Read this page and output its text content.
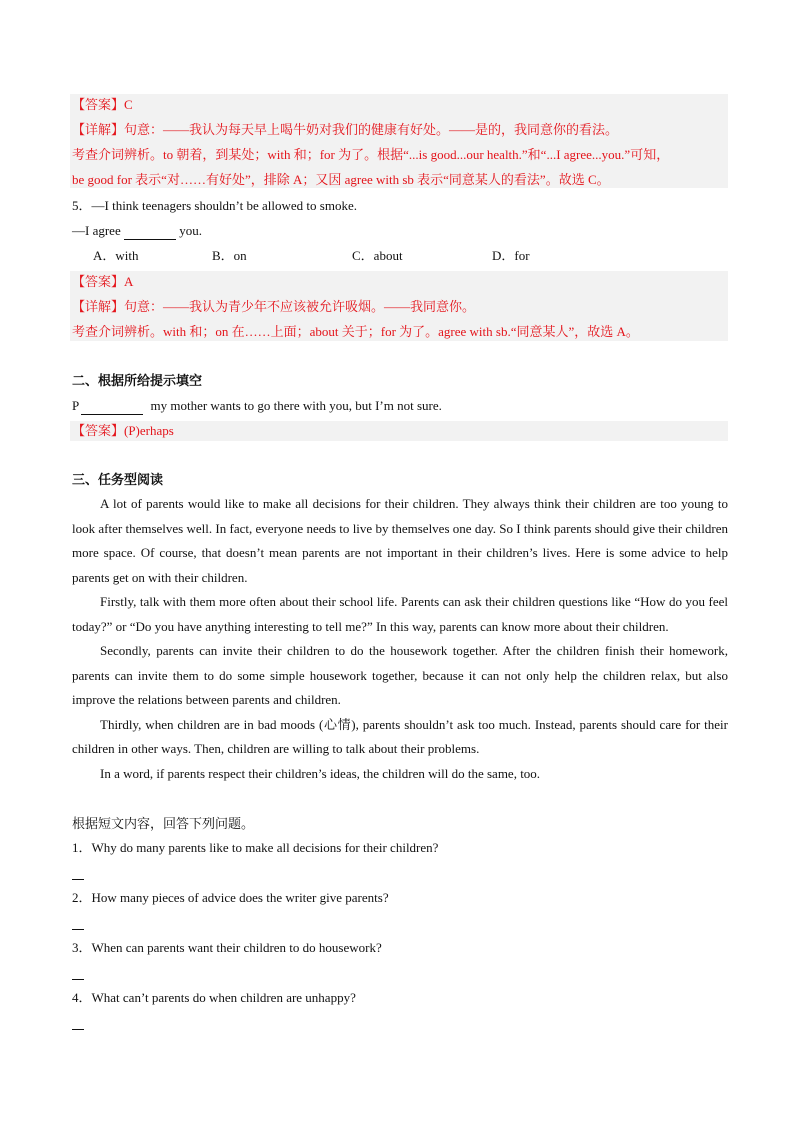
【答案】C
【详解】句意：——我认为每天早上喝牛奶对我们的健康有好处。——是的，我同意你的看法。
考查介词辨析。to 朝着，到某处；with 和；for 为了。根据“...is good...our health.”和“...I agree...you.”可知，
be good for 表示“对……有好处”，排除 A；又因 agree with sb 表示“同意某人的看法”。故选 C。
5．—I think teenagers shouldn’t be allowed to smoke.
—I agree	you.
A．with	B．on	C．about	D．for
【答案】A
【详解】句意：——我认为青少年不应该被允许吸烟。——我同意你。
考查介词辨析。with 和；on 在……上面；about 关于；for 为了。agree with sb.“同意某人”，故选 A。
二、根据所给提示填空
P	my mother wants to go there with you, but I’m not sure.
【答案】(P)erhaps
三、任务型阅读

A lot of parents would like to make all decisions for their children. They always think their children are too young to look after themselves well. In fact, everyone needs to live by themselves one day. So I think parents should give their children more space. Of course, that doesn’t mean parents are not important in their children’s lives. Here is some advice to help parents get on with their children.

Firstly, talk with them more often about their school life. Parents can ask their children questions like “How do you feel today?” or “Do you have anything interesting to tell me?” In this way, parents can know more about their children.

Secondly, parents can invite their children to do the housework together. After the children finish their homework, parents can invite them to do some simple housework together, because it can not only help the children relax, but also improve the relations between parents and children.

Thirdly, when children are in bad moods (心情), parents shouldn’t ask too much. Instead, parents should care for their children in other ways. Then, children are willing to talk about their problems.

In a word, if parents respect their children’s ideas, the children will do the same, too.

根据短文内容，回答下列问题。
1．Why do many parents like to make all decisions for their children?
2．How many pieces of advice does the writer give parents?
3．When can parents want their children to do housework?
4．What can’t parents do when children are unhappy?
